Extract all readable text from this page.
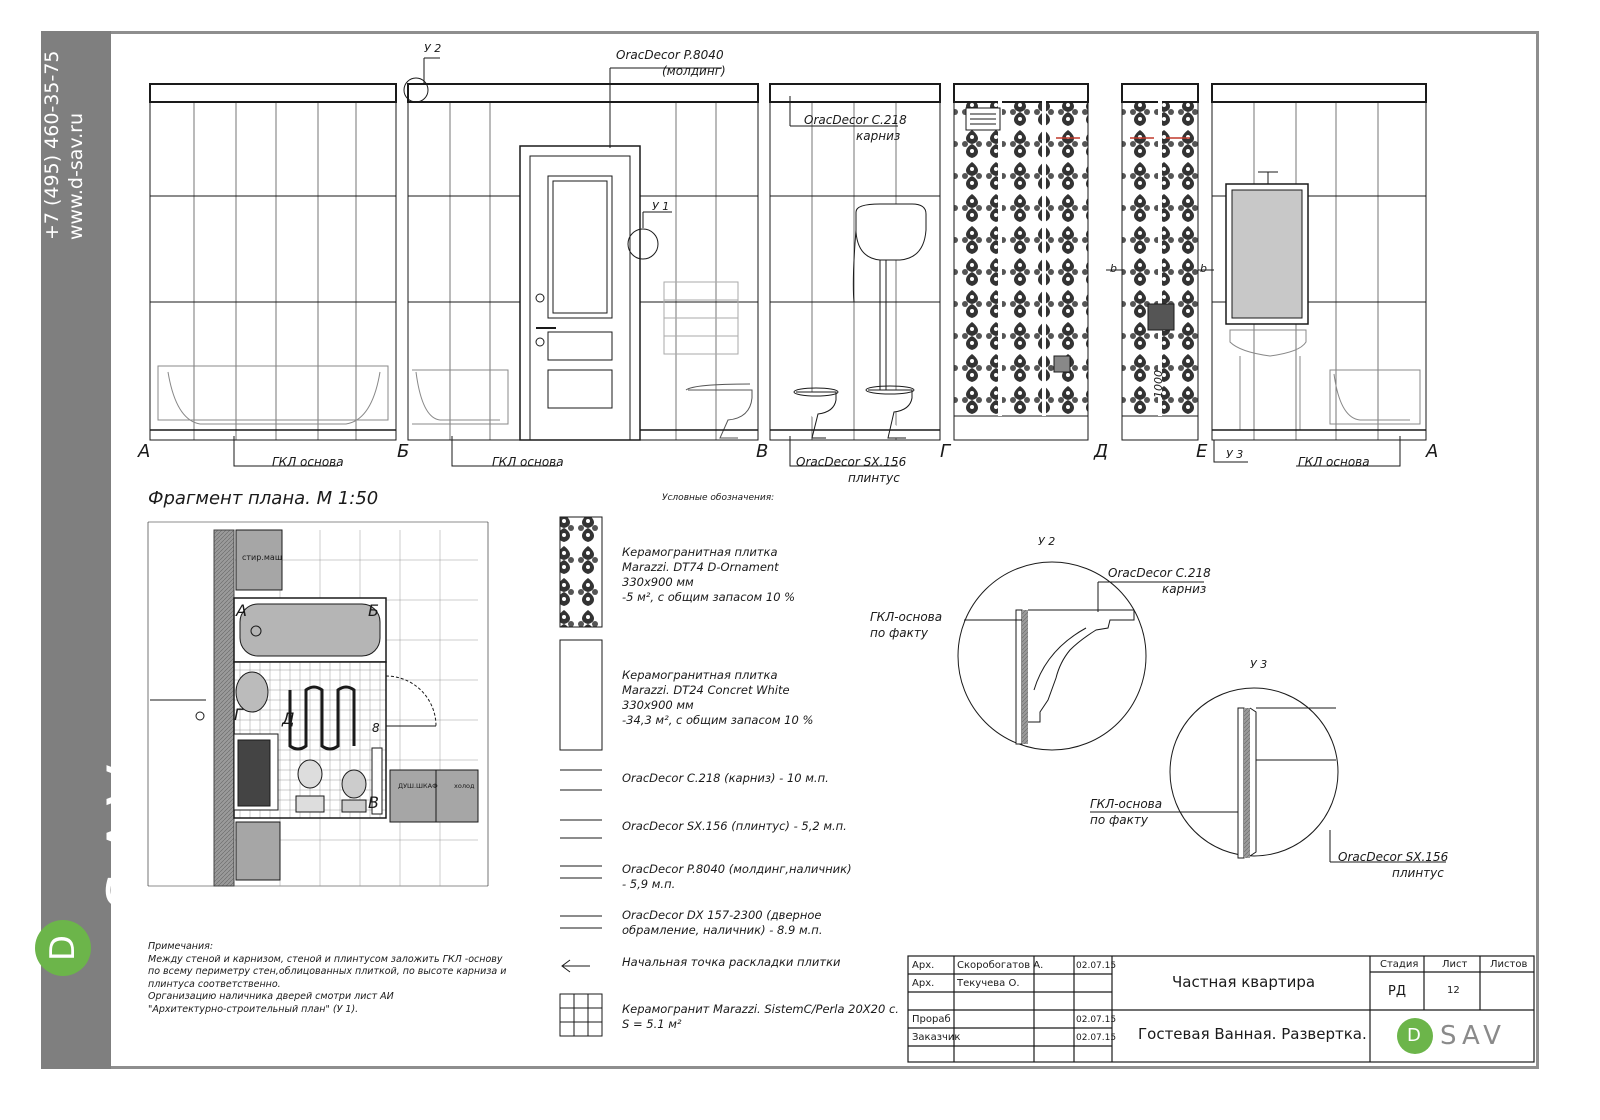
+7 (495) 460-35-75 www.d-sav.ru
D
SAV
У 2	OracDecor P.8040
(молдинг)
У 1
OracDecor C.218
карниз
b	b
1000
А	Б	В	Г	Д	Е	А
ГКЛ основа	ГКЛ основа	OracDecor SX.156
плинтус
У 3
ГКЛ основа
Фрагмент плана. М 1:50
стир.маш
А	Б
Г Д	8
В
ДУШ.ШКАФ	холод
Условные обозначения:
Керамогранитная плитка
Marazzi. DT74 D-Ornament
330х900 мм
-5 м², с общим запасом 10 %
Керамогранитная плитка
Marazzi. DT24 Concret White
330х900 мм
-34,3 м², с общим запасом 10 %
OracDecor C.218 (карниз) - 10 м.п.
OracDecor SX.156 (плинтус) - 5,2 м.п.
OracDecor P.8040 (молдинг,наличник)
- 5,9 м.п.
OracDecor DX 157-2300 (дверное
обрамление, наличник) - 8.9 м.п.
Начальная точка раскладки плитки
Керамогранит Marazzi. SistemC/Perla 20X20 c.
S = 5.1 м²
У 2
OracDecor C.218
карниз
ГКЛ-основа
по факту
У 3
ГКЛ-основа
по факту
OracDecor SX.156
плинтус
Примечания:
Между стеной и карнизом, стеной и плинтусом заложить ГКЛ -основу
по всему периметру стен,облицованных плиткой, по высоте карниза и
плинтуса соответственно.
Организацию наличника дверей смотри лист АИ
"Архитектурно-строительный план" (У 1).
Арх. Скоробогатов А.	02.07.15
Арх. Текучева О.
Прораб	02.07.15
Заказчик	02.07.15
Частная квартира
Гостевая Ванная. Развертка.
Стадия Лист Листов
РД	12
D SAV
